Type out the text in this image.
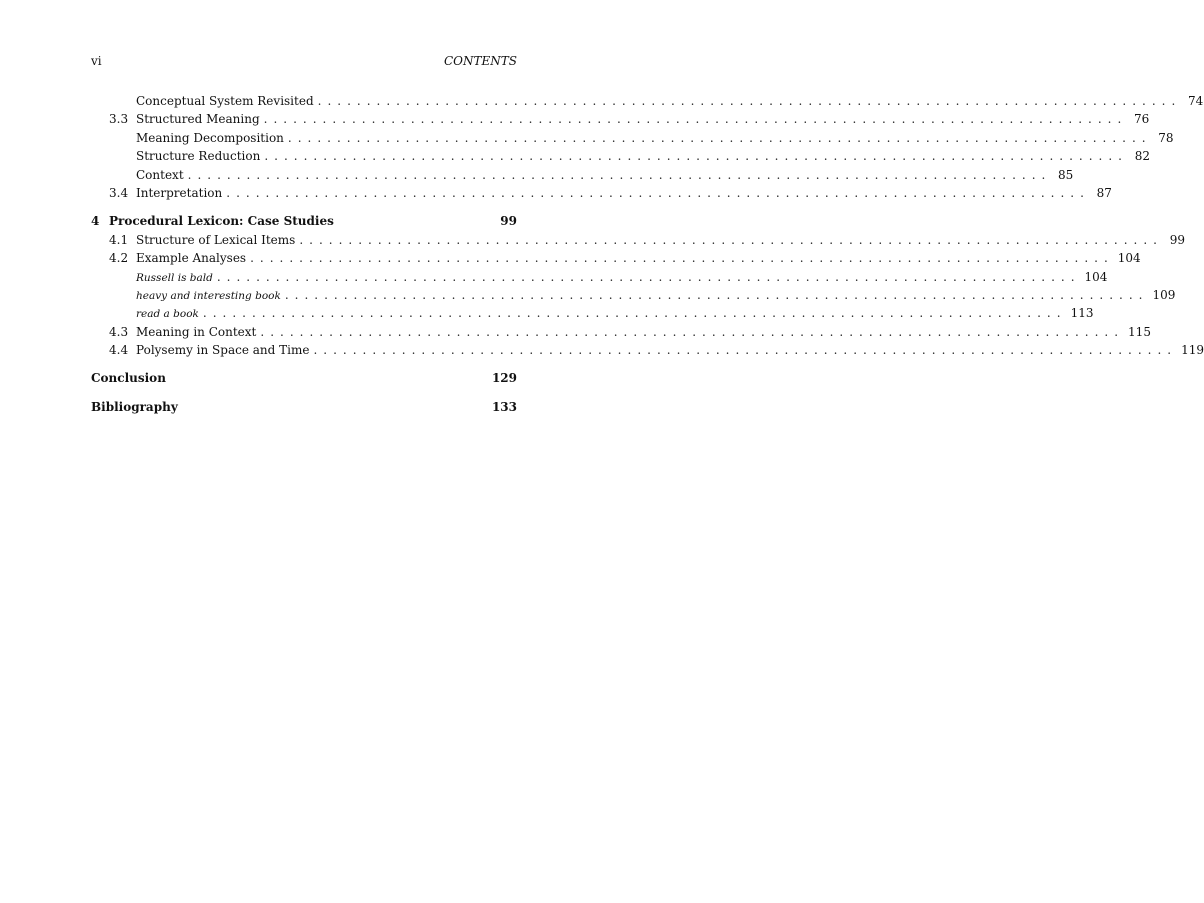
vi	CONTENTS
Conceptual System Revisited ........................................................................................ 74
3.3 Structured Meaning ........................................................................................ 76
Meaning Decomposition ........................................................................................ 78
Structure Reduction ........................................................................................ 82
Context ........................................................................................ 85
3.4 Interpretation ........................................................................................ 87
4 Procedural Lexicon: Case Studies	99
4.1 Structure of Lexical Items ........................................................................................ 99
4.2 Example Analyses ........................................................................................ 104
Russell is bald ........................................................................................ 104
heavy and interesting book ........................................................................................ 109
read a book ........................................................................................ 113
4.3 Meaning in Context ........................................................................................ 115
4.4 Polysemy in Space and Time ........................................................................................ 119
Conclusion	129
Bibliography	133
